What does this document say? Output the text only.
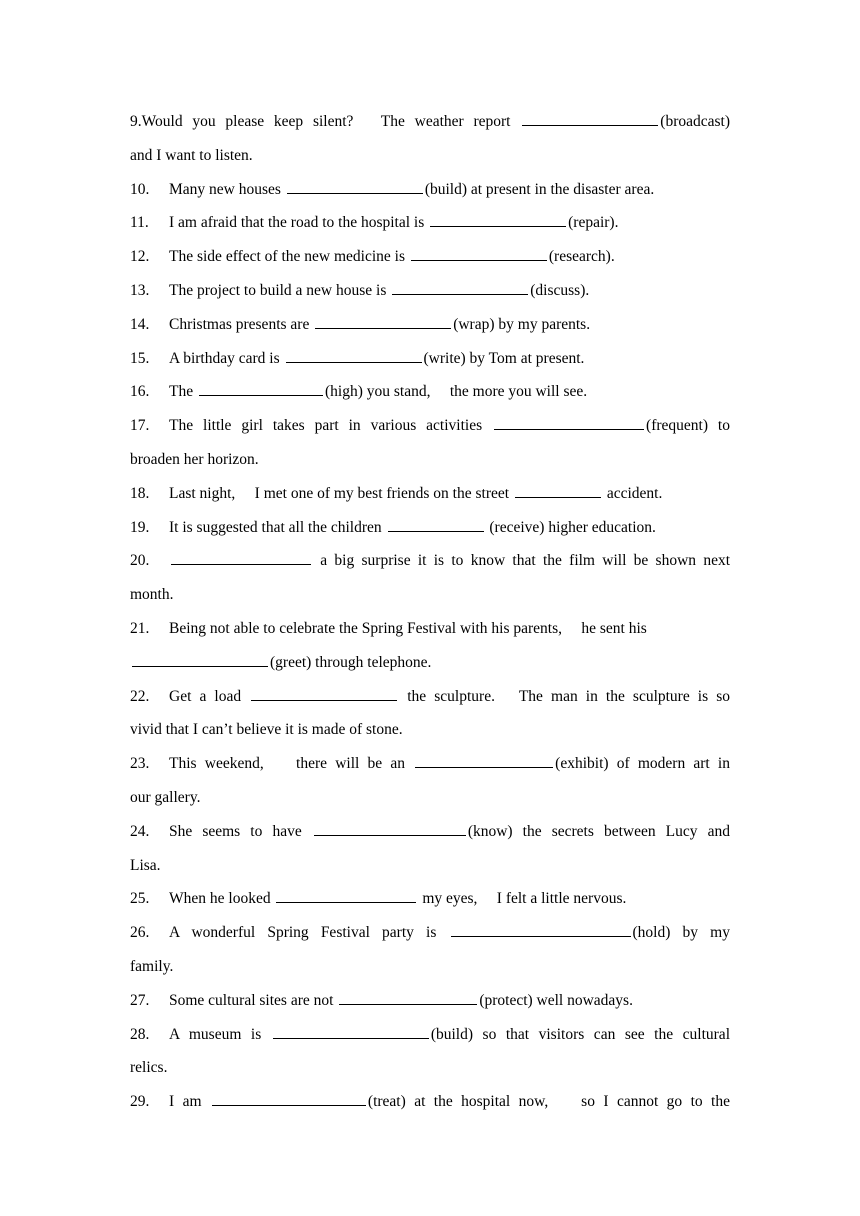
9.Would you please keep silent?　The weather report	(broadcast)
and I want to listen.
10. Many new houses	(build) at present in the disaster area.
11. I am afraid that the road to the hospital is	(repair).
12. The side effect of the new medicine is	(research).
13. The project to build a new house is	(discuss).
14. Christmas presents are	(wrap) by my parents.
15. A birthday card is	(write) by Tom at present.
16. The	(high) you stand,　 the more you will see.
17. The little girl takes part in various activities	(frequent) to
broaden her horizon.
18. Last night,　 I met one of my best friends on the street	accident.
19. It is suggested that all the children	(receive) higher education.
20.	a big surprise it is to know that the film will be shown next
month.
21. Being not able to celebrate the Spring Festival with his parents,　 he sent his
(greet) through telephone.
22. Get a load	the sculpture.　The man in the sculpture is so
vivid that I can’t believe it is made of stone.
23. This weekend,　 there will be an	(exhibit) of modern art in
our gallery.
24. She seems to have	(know) the secrets between Lucy and
Lisa.
25. When he looked	my eyes,　 I felt a little nervous.
26. A wonderful Spring Festival party is	(hold) by my
family.
27. Some cultural sites are not	(protect) well nowadays.
28. A museum is	(build) so that visitors can see the cultural
relics.
29. I am	(treat) at the hospital now,　 so I cannot go to the
